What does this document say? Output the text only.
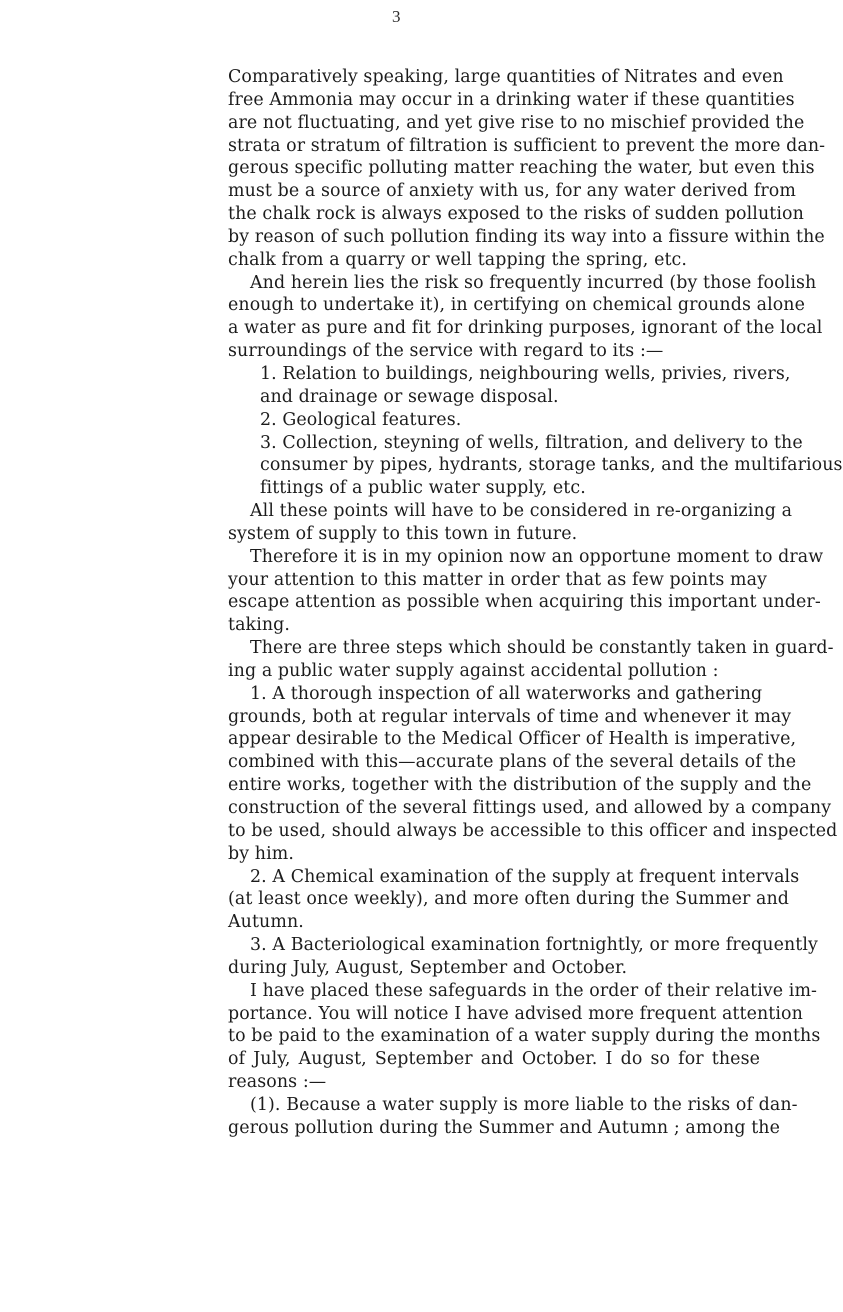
3
Comparatively speaking, large quantities of Nitrates and even
free Ammonia may occur in a drinking water if these quantities
are not fluctuating, and yet give rise to no mischief provided the
strata or stratum of filtration is sufficient to prevent the more dan-
gerous specific polluting matter reaching the water, but even this
must be a source of anxiety with us, for any water derived from
the chalk rock is always exposed to the risks of sudden pollution
by reason of such pollution finding its way into a fissure within the
chalk from a quarry or well tapping the spring, etc.
And herein lies the risk so frequently incurred (by those foolish
enough to undertake it), in certifying on chemical grounds alone
a water as pure and fit for drinking purposes, ignorant of the local
surroundings of the service with regard to its :—
1. Relation to buildings, neighbouring wells, privies, rivers,
and drainage or sewage disposal.
2. Geological features.
3. Collection, steyning of wells, filtration, and delivery to the
consumer by pipes, hydrants, storage tanks, and the multifarious
fittings of a public water supply, etc.
All these points will have to be considered in re-organizing a
system of supply to this town in future.
Therefore it is in my opinion now an opportune moment to draw
your attention to this matter in order that as few points may
escape attention as possible when acquiring this important under-
taking.
There are three steps which should be constantly taken in guard-
ing a public water supply against accidental pollution :
1. A thorough inspection of all waterworks and gathering
grounds, both at regular intervals of time and whenever it may
appear desirable to the Medical Officer of Health is imperative,
combined with this—accurate plans of the several details of the
entire works, together with the distribution of the supply and the
construction of the several fittings used, and allowed by a company
to be used, should always be accessible to this officer and inspected
by him.
2. A Chemical examination of the supply at frequent intervals
(at least once weekly), and more often during the Summer and
Autumn.
3. A Bacteriological examination fortnightly, or more frequently
during July, August, September and October.
I have placed these safeguards in the order of their relative im-
portance. You will notice I have advised more frequent attention
to be paid to the examination of a water supply during the months
of July, August, September and October. I do so for these
reasons :—
(1). Because a water supply is more liable to the risks of dan-
gerous pollution during the Summer and Autumn ; among the
